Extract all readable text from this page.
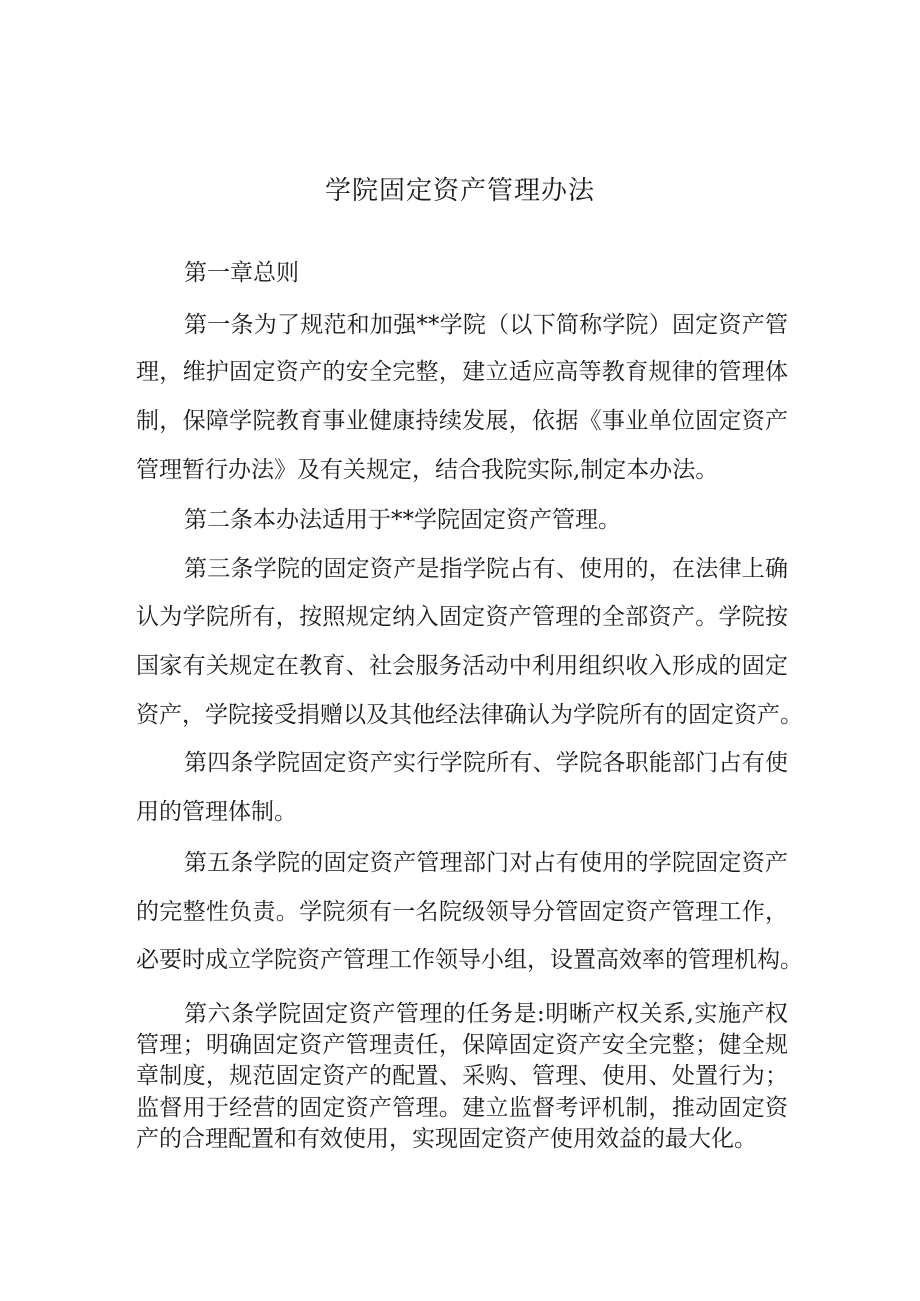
学院固定资产管理办法
第一章总则
第一条为了规范和加强**学院（以下简称学院）固定资产管
理，维护固定资产的安全完整，建立适应高等教育规律的管理体
制，保障学院教育事业健康持续发展，依据《事业单位固定资产
管理暂行办法》及有关规定，结合我院实际,制定本办法。
第二条本办法适用于**学院固定资产管理。
第三条学院的固定资产是指学院占有、使用的，在法律上确
认为学院所有，按照规定纳入固定资产管理的全部资产。学院按
国家有关规定在教育、社会服务活动中利用组织收入形成的固定
资产，学院接受捐赠以及其他经法律确认为学院所有的固定资产。
第四条学院固定资产实行学院所有、学院各职能部门占有使
用的管理体制。
第五条学院的固定资产管理部门对占有使用的学院固定资产
的完整性负责。学院须有一名院级领导分管固定资产管理工作，
必要时成立学院资产管理工作领导小组，设置高效率的管理机构。
第六条学院固定资产管理的任务是:明晰产权关系,实施产权
管理；明确固定资产管理责任，保障固定资产安全完整；健全规
章制度，规范固定资产的配置、采购、管理、使用、处置行为；
监督用于经营的固定资产管理。建立监督考评机制，推动固定资
产的合理配置和有效使用，实现固定资产使用效益的最大化。
